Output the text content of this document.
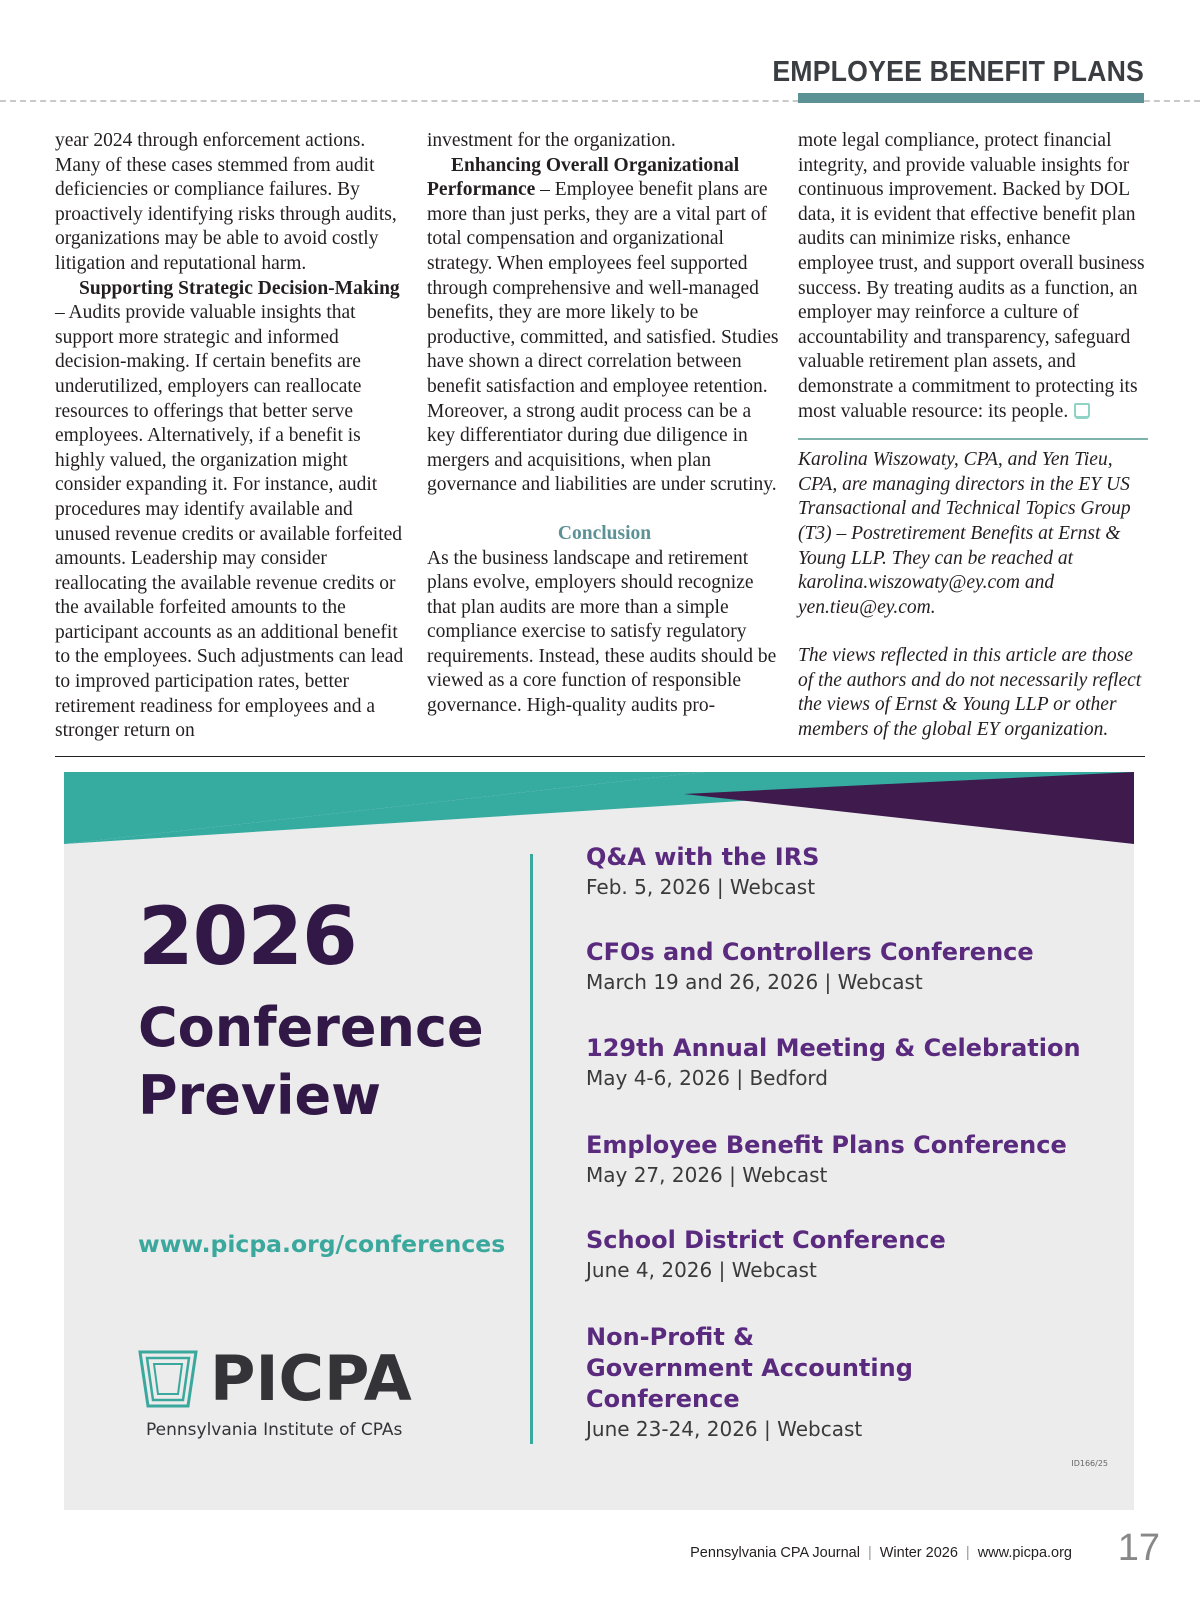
EMPLOYEE BENEFIT PLANS

year 2024 through enforcement actions. Many of these cases stemmed from audit deficiencies or compliance failures. By proactively identifying risks through audits, organizations may be able to avoid costly litigation and reputational harm.

Supporting Strategic Decision-Making – Audits provide valuable insights that support more strategic and informed decision-making. If certain benefits are underutilized, employers can reallocate resources to offerings that better serve employees. Alternatively, if a benefit is highly valued, the organization might consider expanding it. For instance, audit procedures may identify available and unused revenue credits or available forfeited amounts. Leadership may consider reallocating the available revenue credits or the available forfeited amounts to the participant accounts as an additional benefit to the employees. Such adjustments can lead to improved participation rates, better retirement readiness for employees and a stronger return on

investment for the organization.

Enhancing Overall Organizational Performance – Employee benefit plans are more than just perks, they are a vital part of total compensation and organizational strategy. When employees feel supported through comprehensive and well-managed benefits, they are more likely to be productive, committed, and satisfied. Studies have shown a direct correlation between benefit satisfaction and employee retention. Moreover, a strong audit process can be a key differentiator during due diligence in mergers and acquisitions, when plan governance and liabilities are under scrutiny.

Conclusion

As the business landscape and retirement plans evolve, employers should recognize that plan audits are more than a simple compliance exercise to satisfy regulatory requirements. Instead, these audits should be viewed as a core function of responsible governance. High-quality audits pro-

mote legal compliance, protect financial integrity, and provide valuable insights for continuous improvement. Backed by DOL data, it is evident that effective benefit plan audits can minimize risks, enhance employee trust, and support overall business success. By treating audits as a function, an employer may reinforce a culture of accountability and transparency, safeguard valuable retirement plan assets, and demonstrate a commitment to protecting its most valuable resource: its people.

Karolina Wiszowaty, CPA, and Yen Tieu, CPA, are managing directors in the EY US Transactional and Technical Topics Group (T3) – Postretirement Benefits at Ernst & Young LLP. They can be reached at karolina.wiszowaty@ey.com and yen.tieu@ey.com.

The views reflected in this article are those of the authors and do not necessarily reflect the views of Ernst & Young LLP or other members of the global EY organization.

2026
Conference
Preview
www.picpa.org/conferences
PICPA
Pennsylvania Institute of CPAs
Q&A with the IRS
Feb. 5, 2026 | Webcast
CFOs and Controllers Conference
March 19 and 26, 2026 | Webcast
129th Annual Meeting & Celebration
May 4-6, 2026 | Bedford
Employee Benefit Plans Conference
May 27, 2026 | Webcast
School District Conference
June 4, 2026 | Webcast
Non-Profit & Government Accounting Conference
June 23-24, 2026 | Webcast
ID166/25
Pennsylvania CPA Journal | Winter 2026 | www.picpa.org 17
